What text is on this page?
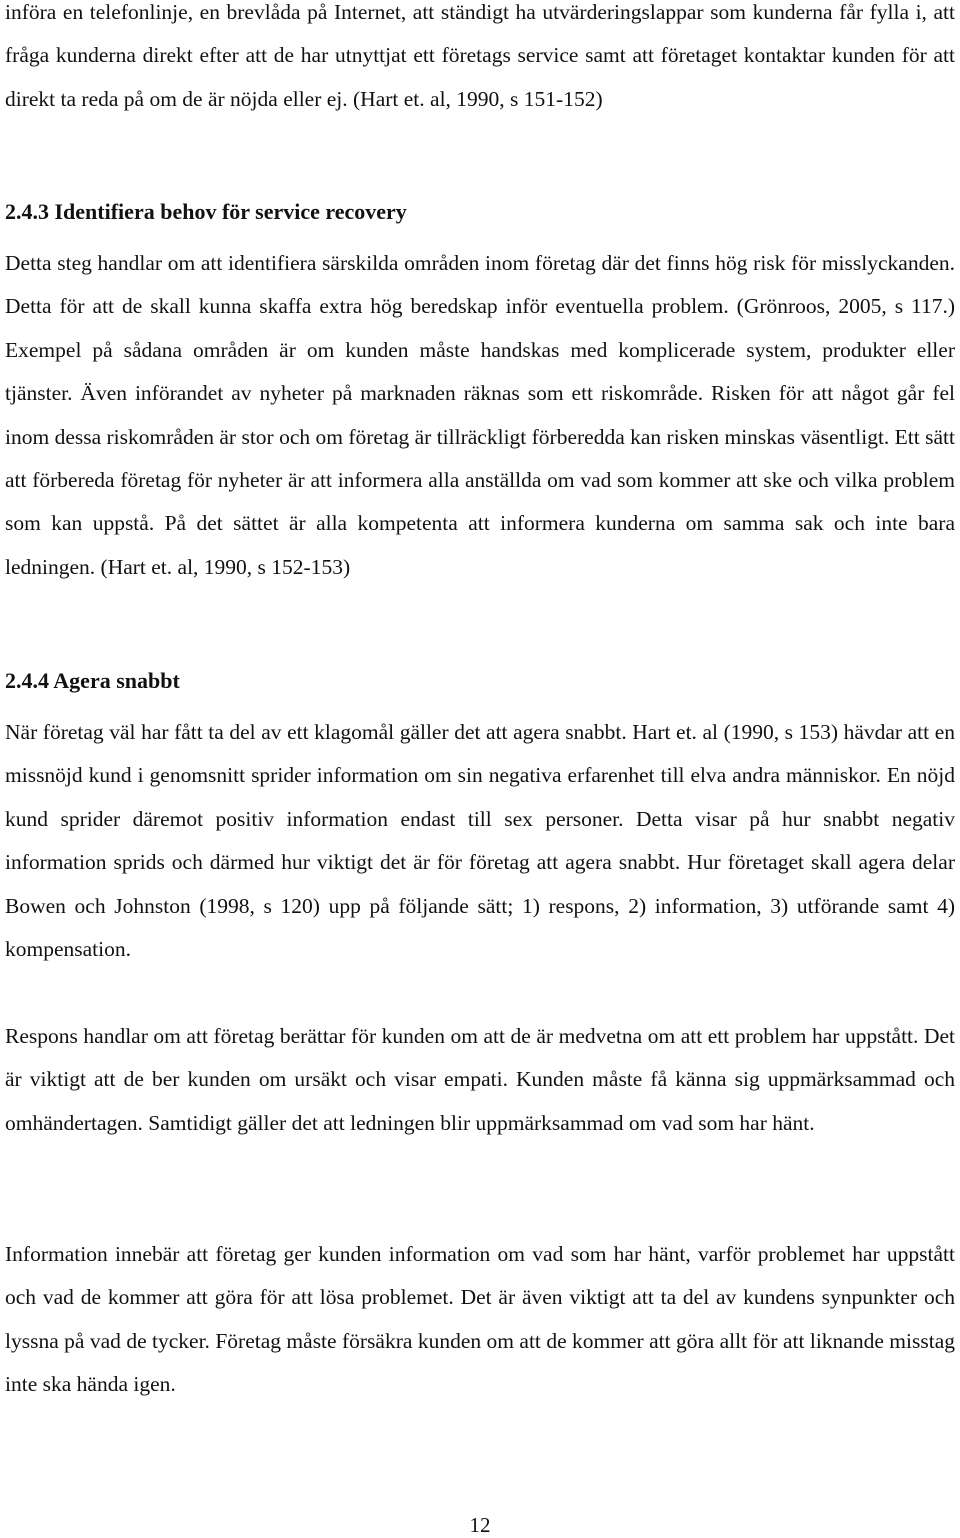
införa en telefonlinje, en brevlåda på Internet, att ständigt ha utvärderingslappar som kunderna får fylla i, att fråga kunderna direkt efter att de har utnyttjat ett företags service samt att företaget kontaktar kunden för att direkt ta reda på om de är nöjda eller ej. (Hart et. al, 1990, s 151-152)

2.4.3 Identifiera behov för service recovery

Detta steg handlar om att identifiera särskilda områden inom företag där det finns hög risk för misslyckanden. Detta för att de skall kunna skaffa extra hög beredskap inför eventuella problem. (Grönroos, 2005, s 117.) Exempel på sådana områden är om kunden måste handskas med komplicerade system, produkter eller tjänster. Även införandet av nyheter på marknaden räknas som ett riskområde. Risken för att något går fel inom dessa riskområden är stor och om företag är tillräckligt förberedda kan risken minskas väsentligt. Ett sätt att förbereda företag för nyheter är att informera alla anställda om vad som kommer att ske och vilka problem som kan uppstå. På det sättet är alla kompetenta att informera kunderna om samma sak och inte bara ledningen. (Hart et. al, 1990, s 152-153)

2.4.4 Agera snabbt

När företag väl har fått ta del av ett klagomål gäller det att agera snabbt. Hart et. al (1990, s 153) hävdar att en missnöjd kund i genomsnitt sprider information om sin negativa erfarenhet till elva andra människor. En nöjd kund sprider däremot positiv information endast till sex personer. Detta visar på hur snabbt negativ information sprids och därmed hur viktigt det är för företag att agera snabbt. Hur företaget skall agera delar Bowen och Johnston (1998, s 120) upp på följande sätt; 1) respons, 2) information, 3) utförande samt 4) kompensation.

Respons handlar om att företag berättar för kunden om att de är medvetna om att ett problem har uppstått. Det är viktigt att de ber kunden om ursäkt och visar empati. Kunden måste få känna sig uppmärksammad och omhändertagen. Samtidigt gäller det att ledningen blir uppmärksammad om vad som har hänt.

Information innebär att företag ger kunden information om vad som har hänt, varför problemet har uppstått och vad de kommer att göra för att lösa problemet. Det är även viktigt att ta del av kundens synpunkter och lyssna på vad de tycker. Företag måste försäkra kunden om att de kommer att göra allt för att liknande misstag inte ska hända igen.

12
